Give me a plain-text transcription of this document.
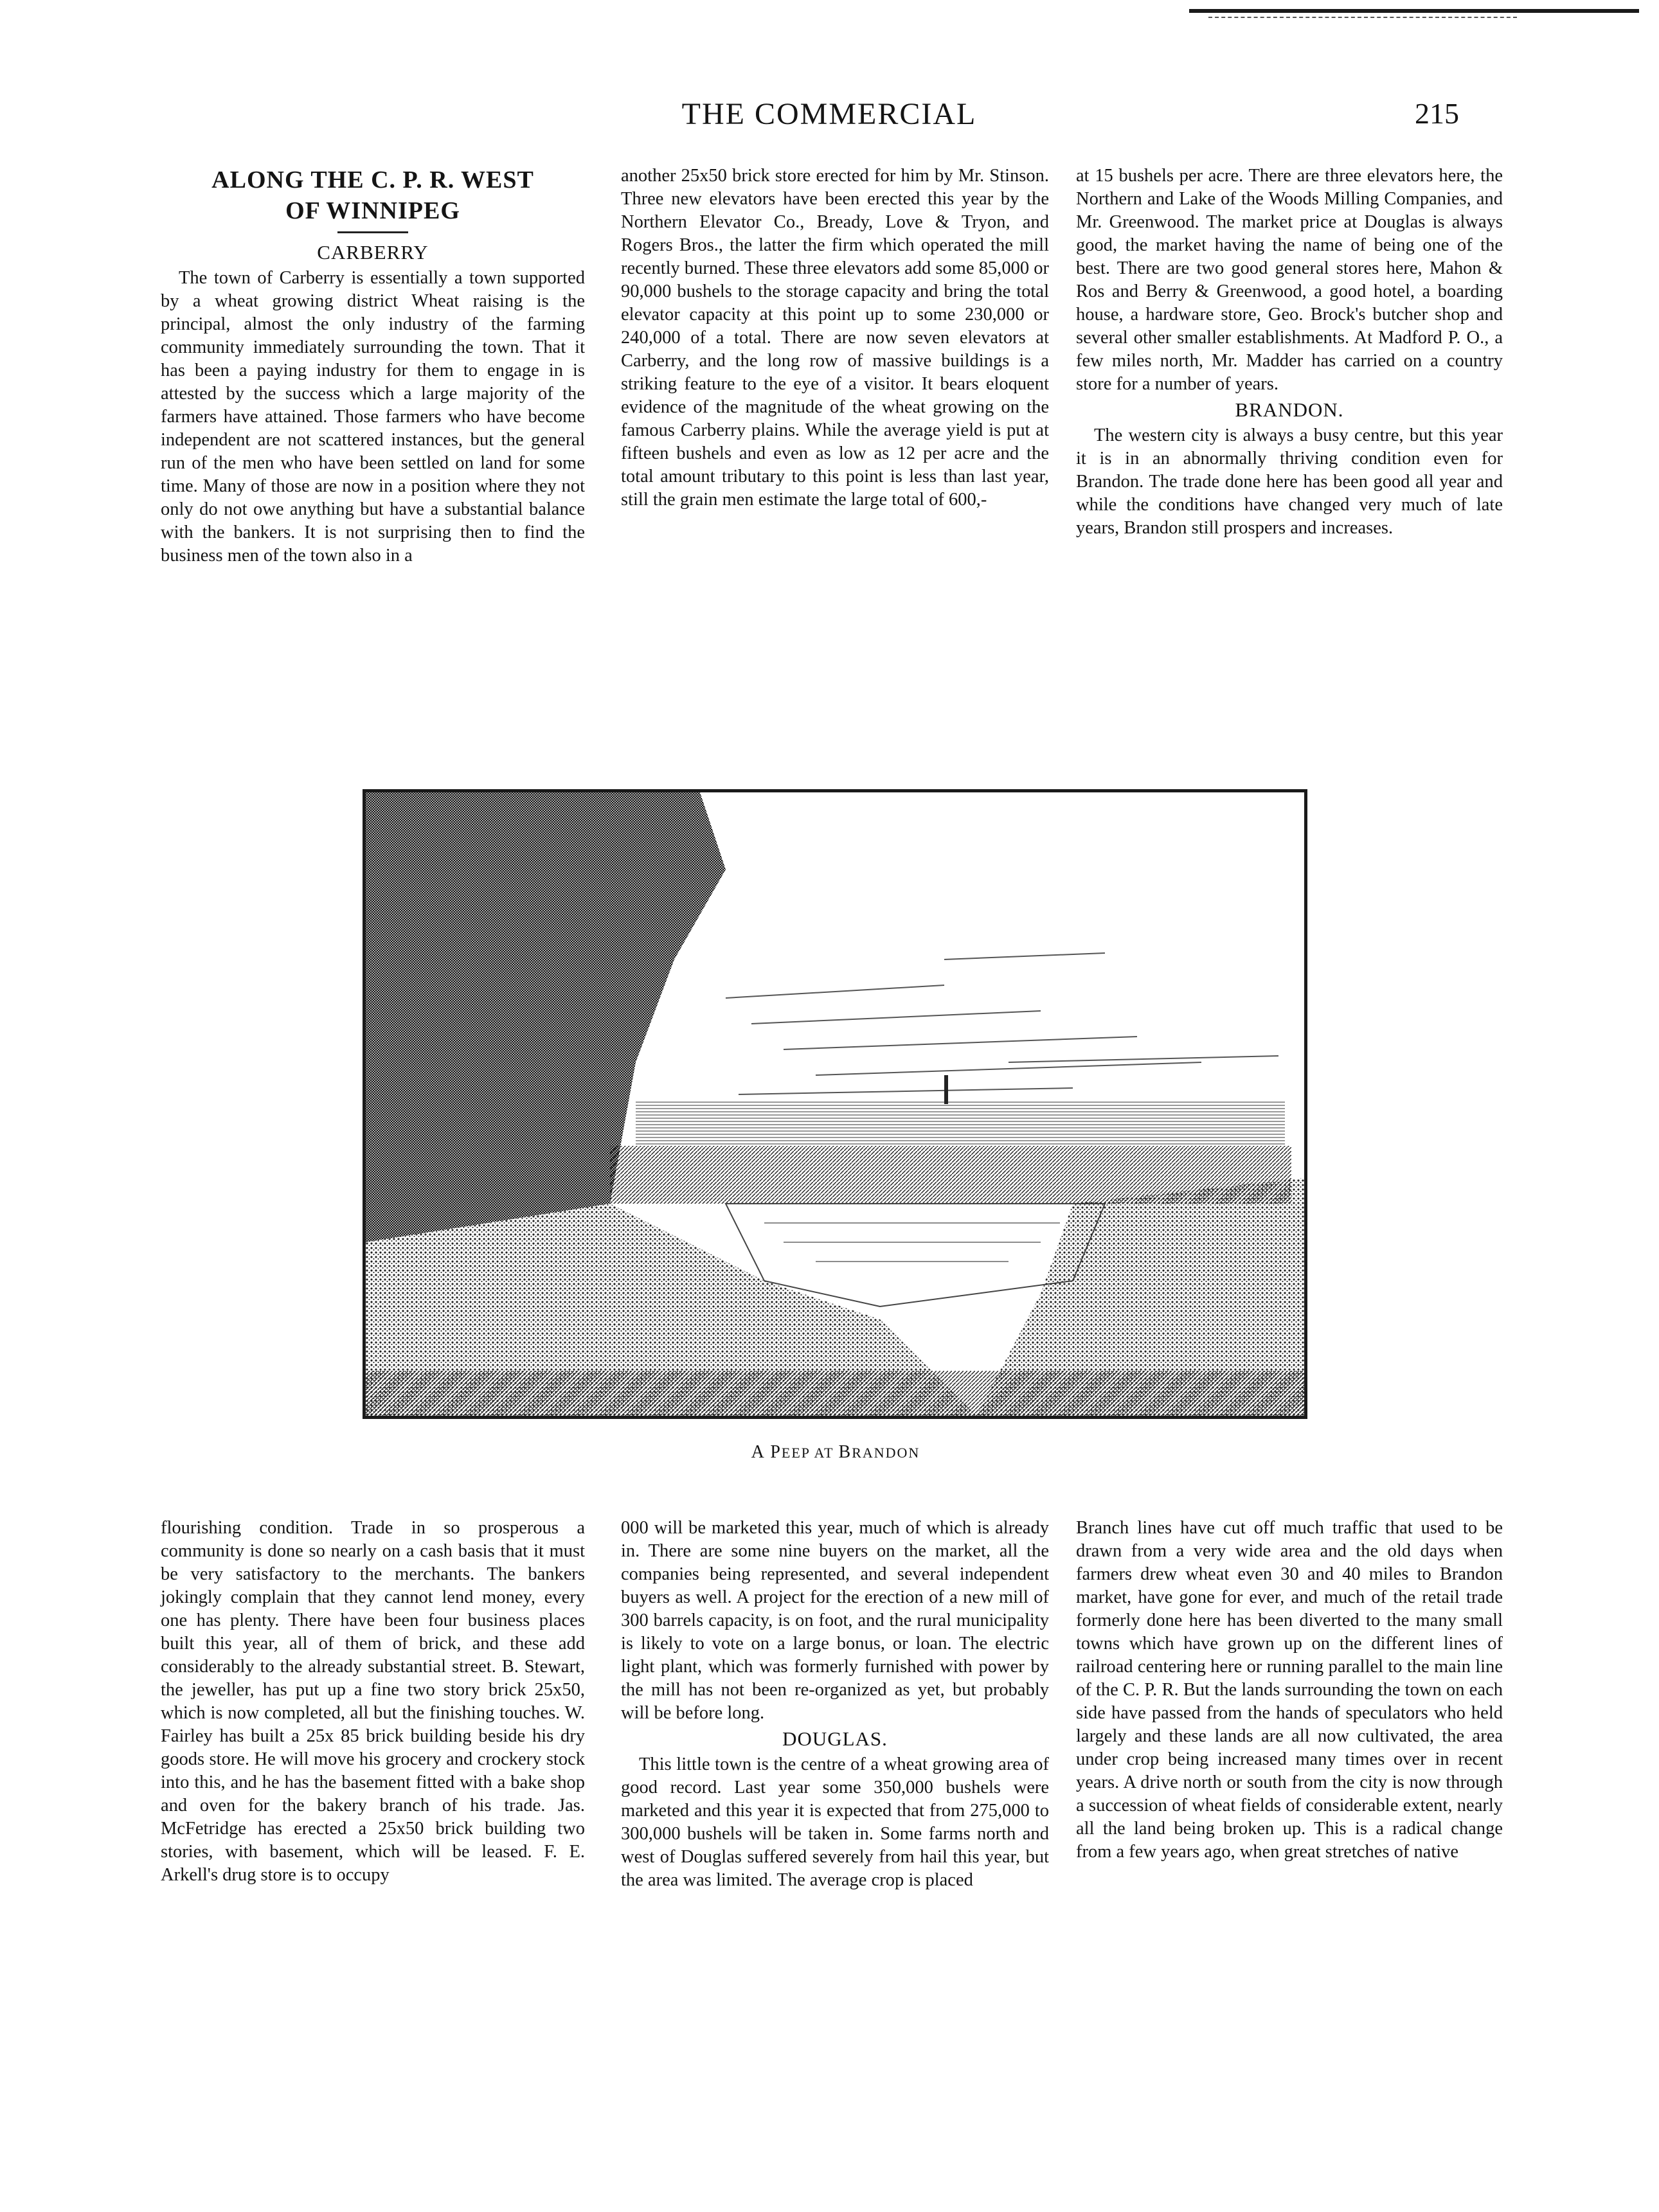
THE COMMERCIAL	215
ALONG THE C. P. R. WEST
OF WINNIPEG
CARBERRY

The town of Carberry is essentially a town supported by a wheat growing district Wheat raising is the principal, almost the only industry of the farming community immediately surrounding the town. That it has been a paying industry for them to engage in is attested by the success which a large majority of the farmers have attained. Those farmers who have become independent are not scattered instances, but the general run of the men who have been settled on land for some time. Many of those are now in a position where they not only do not owe anything but have a substantial balance with the bankers. It is not surprising then to find the business men of the town also in a

another 25x50 brick store erected for him by Mr. Stinson. Three new elevators have been erected this year by the Northern Elevator Co., Bready, Love & Tryon, and Rogers Bros., the latter the firm which operated the mill recently burned. These three elevators add some 85,000 or 90,000 bushels to the storage capacity and bring the total elevator capacity at this point up to some 230,000 or 240,000 of a total. There are now seven elevators at Carberry, and the long row of massive buildings is a striking feature to the eye of a visitor. It bears eloquent evidence of the magnitude of the wheat growing on the famous Carberry plains. While the average yield is put at fifteen bushels and even as low as 12 per acre and the total amount tributary to this point is less than last year, still the grain men estimate the large total of 600,-

at 15 bushels per acre. There are three elevators here, the Northern and Lake of the Woods Milling Companies, and Mr. Greenwood. The market price at Douglas is always good, the market having the name of being one of the best. There are two good general stores here, Mahon & Ros and Berry & Greenwood, a good hotel, a boarding house, a hardware store, Geo. Brock's butcher shop and several other smaller establishments. At Madford P. O., a few miles north, Mr. Madder has carried on a country store for a number of years.

BRANDON.

The western city is always a busy centre, but this year it is in an abnormally thriving condition even for Brandon. The trade done here has been good all year and while the conditions have changed very much of late years, Brandon still prospers and increases.

A PEEP AT BRANDON

flourishing condition. Trade in so prosperous a community is done so nearly on a cash basis that it must be very satisfactory to the merchants. The bankers jokingly complain that they cannot lend money, every one has plenty. There have been four business places built this year, all of them of brick, and these add considerably to the already substantial street. B. Stewart, the jeweller, has put up a fine two story brick 25x50, which is now completed, all but the finishing touches. W. Fairley has built a 25x 85 brick building beside his dry goods store. He will move his grocery and crockery stock into this, and he has the basement fitted with a bake shop and oven for the bakery branch of his trade. Jas. McFetridge has erected a 25x50 brick building two stories, with basement, which will be leased. F. E. Arkell's drug store is to occupy

000 will be marketed this year, much of which is already in. There are some nine buyers on the market, all the companies being represented, and several independent buyers as well. A project for the erection of a new mill of 300 barrels capacity, is on foot, and the rural municipality is likely to vote on a large bonus, or loan. The electric light plant, which was formerly furnished with power by the mill has not been re-organized as yet, but probably will be before long.

DOUGLAS.

This little town is the centre of a wheat growing area of good record. Last year some 350,000 bushels were marketed and this year it is expected that from 275,000 to 300,000 bushels will be taken in. Some farms north and west of Douglas suffered severely from hail this year, but the area was limited. The average crop is placed

Branch lines have cut off much traffic that used to be drawn from a very wide area and the old days when farmers drew wheat even 30 and 40 miles to Brandon market, have gone for ever, and much of the retail trade formerly done here has been diverted to the many small towns which have grown up on the different lines of railroad centering here or running parallel to the main line of the C. P. R. But the lands surrounding the town on each side have passed from the hands of speculators who held largely and these lands are all now cultivated, the area under crop being increased many times over in recent years. A drive north or south from the city is now through a succession of wheat fields of considerable extent, nearly all the land being broken up. This is a radical change from a few years ago, when great stretches of native
